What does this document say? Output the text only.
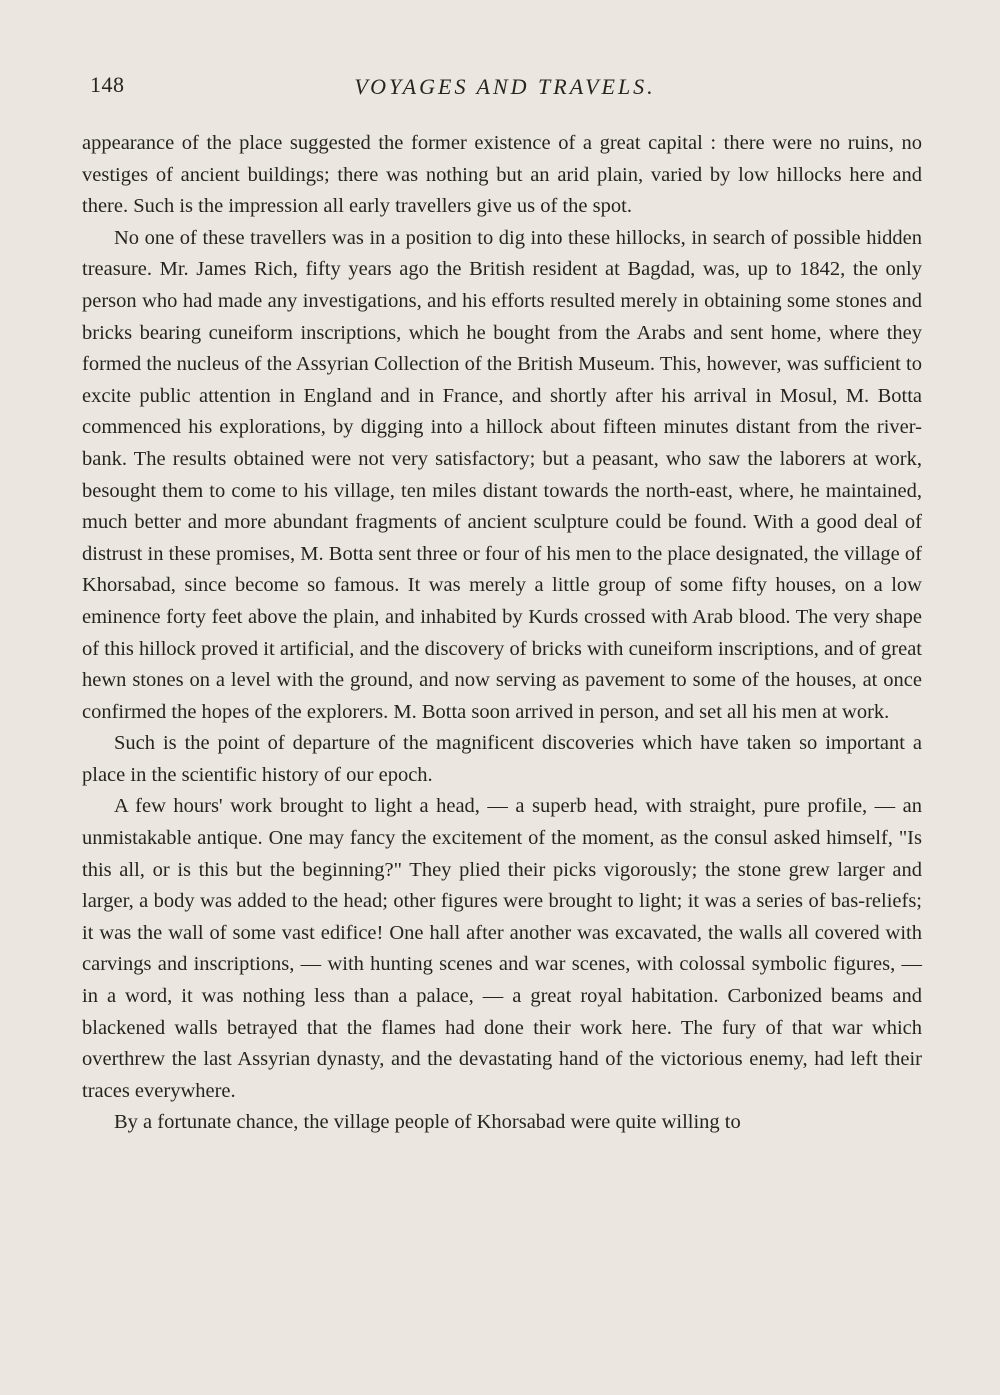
148	VOYAGES AND TRAVELS.

appearance of the place suggested the former existence of a great capital : there were no ruins, no vestiges of ancient buildings; there was nothing but an arid plain, varied by low hillocks here and there. Such is the impression all early travellers give us of the spot.

No one of these travellers was in a position to dig into these hillocks, in search of possible hidden treasure. Mr. James Rich, fifty years ago the British resident at Bagdad, was, up to 1842, the only person who had made any investigations, and his efforts resulted merely in obtaining some stones and bricks bearing cuneiform inscriptions, which he bought from the Arabs and sent home, where they formed the nucleus of the Assyrian Collection of the British Museum. This, however, was sufficient to excite public attention in England and in France, and shortly after his arrival in Mosul, M. Botta commenced his explorations, by digging into a hillock about fifteen minutes distant from the river-bank. The results obtained were not very satisfactory; but a peasant, who saw the laborers at work, besought them to come to his village, ten miles distant towards the north-east, where, he maintained, much better and more abundant fragments of ancient sculpture could be found. With a good deal of distrust in these promises, M. Botta sent three or four of his men to the place designated, the village of Khorsabad, since become so famous. It was merely a little group of some fifty houses, on a low eminence forty feet above the plain, and inhabited by Kurds crossed with Arab blood. The very shape of this hillock proved it artificial, and the discovery of bricks with cuneiform inscriptions, and of great hewn stones on a level with the ground, and now serving as pavement to some of the houses, at once confirmed the hopes of the explorers. M. Botta soon arrived in person, and set all his men at work.

Such is the point of departure of the magnificent discoveries which have taken so important a place in the scientific history of our epoch.

A few hours' work brought to light a head, — a superb head, with straight, pure profile, — an unmistakable antique. One may fancy the excitement of the moment, as the consul asked himself, "Is this all, or is this but the beginning?" They plied their picks vigorously; the stone grew larger and larger, a body was added to the head; other figures were brought to light; it was a series of bas-reliefs; it was the wall of some vast edifice! One hall after another was excavated, the walls all covered with carvings and inscriptions, — with hunting scenes and war scenes, with colossal symbolic figures, — in a word, it was nothing less than a palace, — a great royal habitation. Carbonized beams and blackened walls betrayed that the flames had done their work here. The fury of that war which overthrew the last Assyrian dynasty, and the devastating hand of the victorious enemy, had left their traces everywhere.

By a fortunate chance, the village people of Khorsabad were quite willing to
